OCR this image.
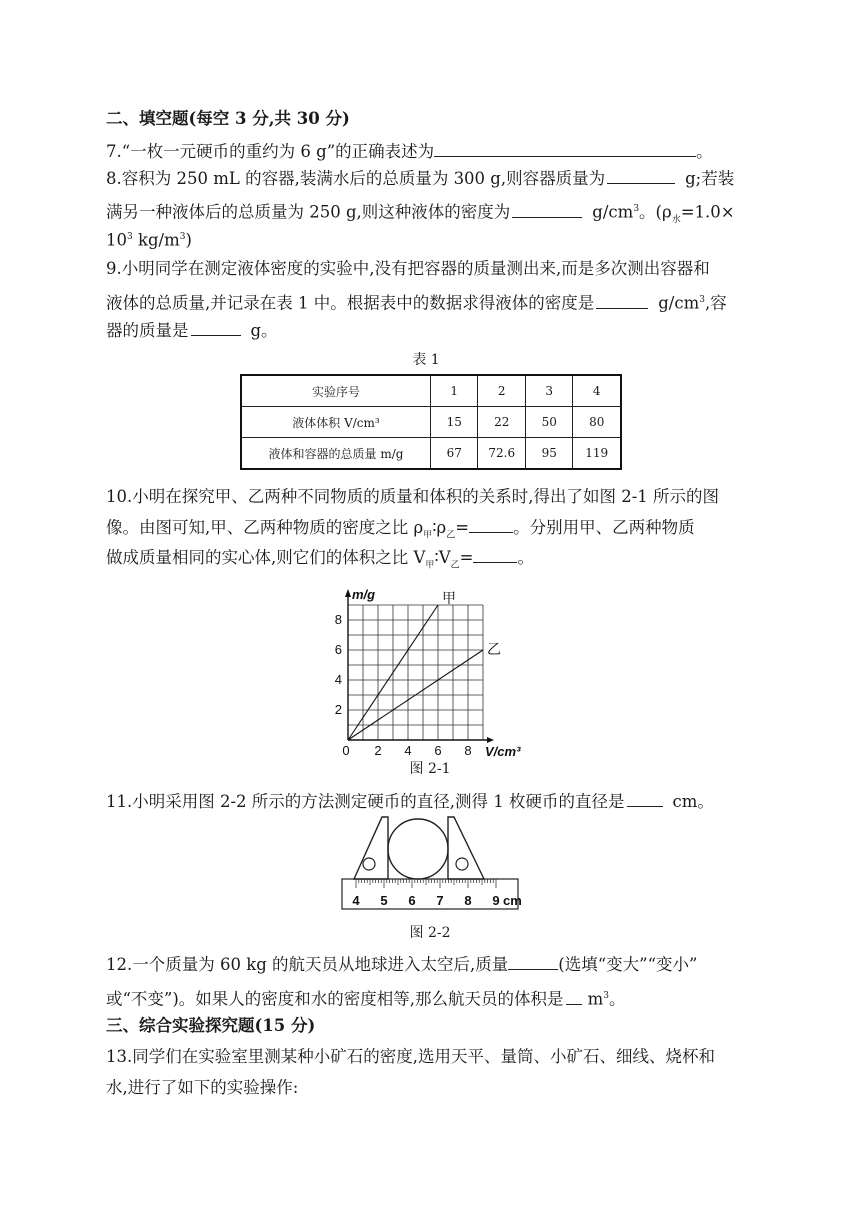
二、填空题(每空 3 分,共 30 分)
7.“一枚一元硬币的重约为 6 g”的正确表述为	。
8.容积为 250 mL 的容器,装满水后的总质量为 300 g,则容器质量为	g;若装
满另一种液体后的总质量为 250 g,则这种液体的密度为	$g/cm^3$。($\rho_水=1.0\times$
$10^3$ $kg/m^3$)
9.小明同学在测定液体密度的实验中,没有把容器的质量测出来,而是多次测出容器和
液体的总质量,并记录在表 1 中。根据表中的数据求得液体的密度是	$g/cm^3$,容
器的质量是	g。
表 1
实验序号	1	2	3	4
液体体积 V/cm³	15	22	50	80
液体和容器的总质量 m/g	67	72.6	95	119
10.小明在探究甲、乙两种不同物质的质量和体积的关系时,得出了如图 2-1 所示的图
像。由图可知,甲、乙两种物质的密度之比 $\rho_甲∶\rho_乙=$	。分别用甲、乙两种物质
做成质量相同的实心体,则它们的体积之比 $V_甲∶V_乙=$	。
0 2 4 6 8
2
4
6
8
V/cm³
m/g	甲
乙
图 2-1
11.小明采用图 2-2 所示的方法测定硬币的直径,测得 1 枚硬币的直径是	cm。
4 5 6 7 8 9 cm
图 2-2
12.一个质量为 60 kg 的航天员从地球进入太空后,质量	(选填“变大”“变小”
或“不变”)。如果人的密度和水的密度相等,那么航天员的体积是 $m^3$。
三、综合实验探究题(15 分)
13.同学们在实验室里测某种小矿石的密度,选用天平、量筒、小矿石、细线、烧杯和
水,进行了如下的实验操作:
